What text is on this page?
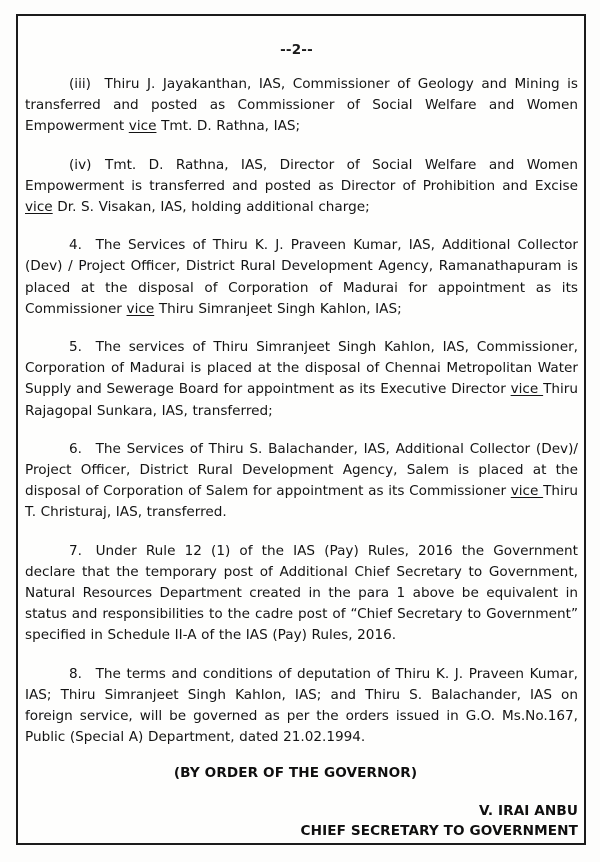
--2--

(iii) Thiru J. Jayakanthan, IAS, Commissioner of Geology and Mining is transferred and posted as Commissioner of Social Welfare and Women Empowerment vice Tmt. D. Rathna, IAS;

(iv) Tmt. D. Rathna, IAS, Director of Social Welfare and Women Empowerment is transferred and posted as Director of Prohibition and Excise vice Dr. S. Visakan, IAS, holding additional charge;

4. The Services of Thiru K. J. Praveen Kumar, IAS, Additional Collector (Dev) / Project Officer, District Rural Development Agency, Ramanathapuram is placed at the disposal of Corporation of Madurai for appointment as its Commissioner vice Thiru Simranjeet Singh Kahlon, IAS;

5. The services of Thiru Simranjeet Singh Kahlon, IAS, Commissioner, Corporation of Madurai is placed at the disposal of Chennai Metropolitan Water Supply and Sewerage Board for appointment as its Executive Director vice Thiru Rajagopal Sunkara, IAS, transferred;

6. The Services of Thiru S. Balachander, IAS, Additional Collector (Dev)/ Project Officer, District Rural Development Agency, Salem is placed at the disposal of Corporation of Salem for appointment as its Commissioner vice Thiru T. Christuraj, IAS, transferred.

7. Under Rule 12 (1) of the IAS (Pay) Rules, 2016 the Government declare that the temporary post of Additional Chief Secretary to Government, Natural Resources Department created in the para 1 above be equivalent in status and responsibilities to the cadre post of “Chief Secretary to Government” specified in Schedule II-A of the IAS (Pay) Rules, 2016.

8. The terms and conditions of deputation of Thiru K. J. Praveen Kumar, IAS; Thiru Simranjeet Singh Kahlon, IAS; and Thiru S. Balachander, IAS on foreign service, will be governed as per the orders issued in G.O. Ms.No.167, Public (Special A) Department, dated 21.02.1994.

(BY ORDER OF THE GOVERNOR)
V. IRAI ANBU
CHIEF SECRETARY TO GOVERNMENT
